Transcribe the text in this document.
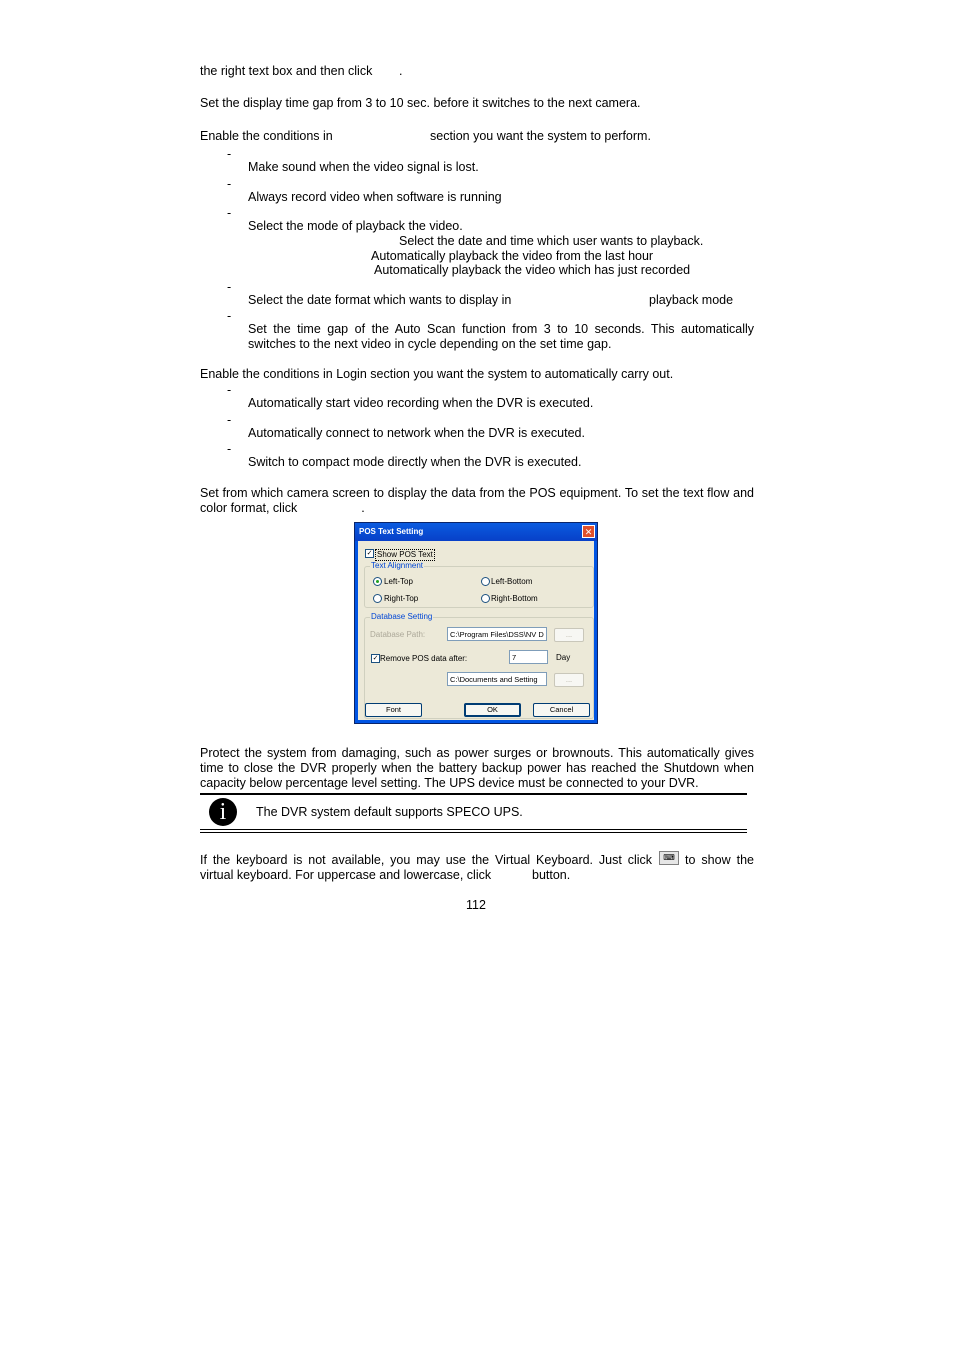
the right text box and then click .
Set the display time gap from 3 to 10 sec. before it switches to the next camera.
Enable the conditions in	section you want the system to perform.
-
Make sound when the video signal is lost.
-
Always record video when software is running
-
Select the mode of playback the video.
Select the date and time which user wants to playback.
Automatically playback the video from the last hour
Automatically playback the video which has just recorded
-
Select the date format which wants to display in	playback mode
-
Set the time gap of the Auto Scan function from 3 to 10 seconds. This automatically switches to the next video in cycle depending on the set time gap.
Enable the conditions in Login section you want the system to automatically carry out.
-
Automatically start video recording when the DVR is executed.
-
Automatically connect to network when the DVR is executed.
-
Switch to compact mode directly when the DVR is executed.
Set from which camera screen to display the data from the POS equipment. To set the text flow and color format, click	.
POS Text Setting	✕
✓ Show POS Text
Text Alignment
Left-Top	Left-Bottom
Right-Top	Right-Bottom
Database Setting
Database Path:	C:\Program Files\DSS\NV D	...
✓ Remove POS data after:	7	Day
C:\Documents and Setting	...
Font	OK	Cancel
Protect the system from damaging, such as power surges or brownouts. This automatically gives time to close the DVR properly when the battery backup power has reached the Shutdown when capacity below percentage level setting. The UPS device must be connected to your DVR.
i	The DVR system default supports SPECO UPS.
If the keyboard is not available, you may use the Virtual Keyboard. Just click	⌨ to show the
virtual keyboard. For uppercase and lowercase, click	button.
112
